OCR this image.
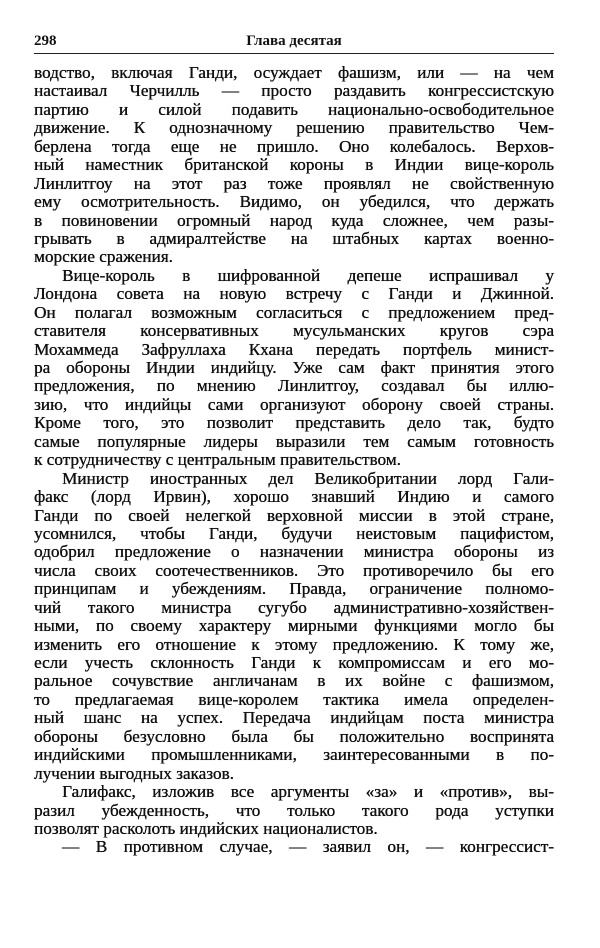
298	Глава десятая
водство, включая Ганди, осуждает фашизм, или — на чем
настаивал Черчилль — просто раздавить конгрессистскую
партию и силой подавить национально-освободительное
движение. К однозначному решению правительство Чем-
берлена тогда еще не пришло. Оно колебалось. Верхов-
ный наместник британской короны в Индии вице-король
Линлитгоу на этот раз тоже проявлял не свойственную
ему осмотрительность. Видимо, он убедился, что держать
в повиновении огромный народ куда сложнее, чем разы-
грывать в адмиралтействе на штабных картах военно-
морские сражения.
Вице-король в шифрованной депеше испрашивал у
Лондона совета на новую встречу с Ганди и Джинной.
Он полагал возможным согласиться с предложением пред-
ставителя консервативных мусульманских кругов сэра
Мохаммеда Зафруллаха Кхана передать портфель минист-
ра обороны Индии индийцу. Уже сам факт принятия этого
предложения, по мнению Линлитгоу, создавал бы иллю-
зию, что индийцы сами организуют оборону своей страны.
Кроме того, это позволит представить дело так, будто
самые популярные лидеры выразили тем самым готовность
к сотрудничеству с центральным правительством.
Министр иностранных дел Великобритании лорд Гали-
факс (лорд Ирвин), хорошо знавший Индию и самого
Ганди по своей нелегкой верховной миссии в этой стране,
усомнился, чтобы Ганди, будучи неистовым пацифистом,
одобрил предложение о назначении министра обороны из
числа своих соотечественников. Это противоречило бы его
принципам и убеждениям. Правда, ограничение полномо-
чий такого министра сугубо административно-хозяйствен-
ными, по своему характеру мирными функциями могло бы
изменить его отношение к этому предложению. К тому же,
если учесть склонность Ганди к компромиссам и его мо-
ральное сочувствие англичанам в их войне с фашизмом,
то предлагаемая вице-королем тактика имела определен-
ный шанс на успех. Передача индийцам поста министра
обороны безусловно была бы положительно воспринята
индийскими промышленниками, заинтересованными в по-
лучении выгодных заказов.
Галифакс, изложив все аргументы «за» и «против», вы-
разил убежденность, что только такого рода уступки
позволят расколоть индийских националистов.
— В противном случае, — заявил он, — конгрессист-
